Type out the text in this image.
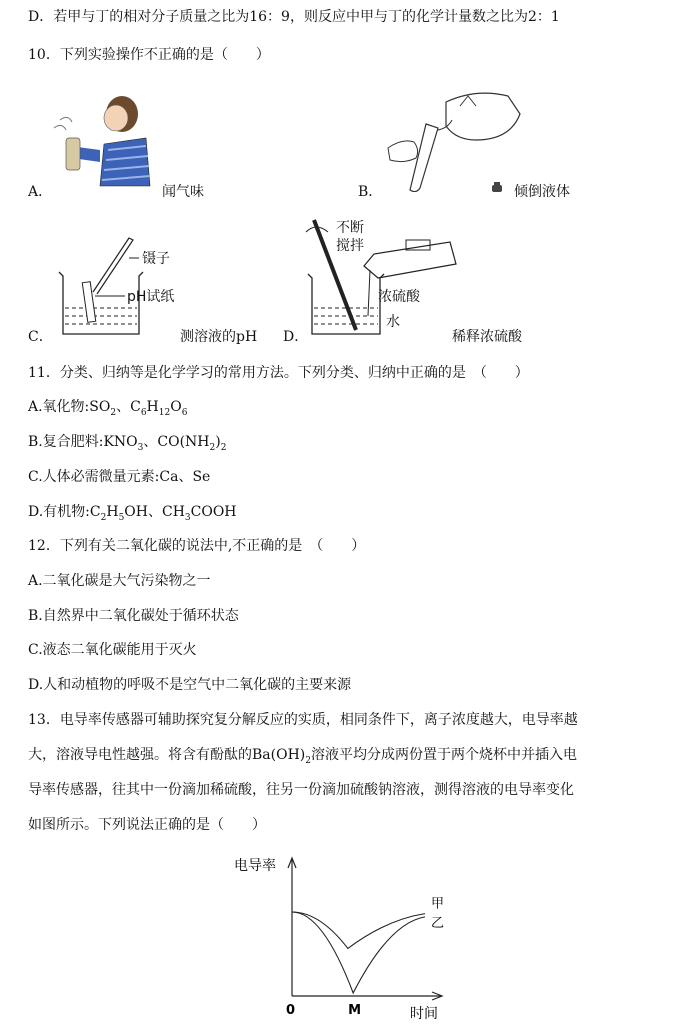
D．若甲与丁的相对分子质量之比为16：9，则反应中甲与丁的化学计量数之比为2：1
10．下列实验操作不正确的是（　　）
A．	闻气味	B．	倾倒液体
镊子
pH试纸
C．	测溶液的pH
不断
搅拌
浓硫酸
水
D．	稀释浓硫酸
11．分类、归纳等是化学学习的常用方法。下列分类、归纳中正确的是　（　　）
A.氧化物$:SO_2$、$C_6H_{12}O_6$
B.复合肥料$:KNO_3$、$CO(NH_2)_2$
C.人体必需微量元素:Ca、Se
D.有机物$:C_2H_5OH$、$CH_3COOH$
12．下列有关二氧化碳的说法中,不正确的是　（　　）
A.二氧化碳是大气污染物之一
B.自然界中二氧化碳处于循环状态
C.液态二氧化碳能用于灭火
D.人和动植物的呼吸不是空气中二氧化碳的主要来源
13．电导率传感器可辅助探究复分解反应的实质，相同条件下，离子浓度越大，电导率越
大，溶液导电性越强。将含有酚酞的$Ba(OH)_2$溶液平均分成两份置于两个烧杯中并插入电
导率传感器，往其中一份滴加稀硫酸，往另一份滴加硫酸钠溶液，测得溶液的电导率变化
如图所示。下列说法正确的是（　　）
电导率
时间
0	M
甲
乙
